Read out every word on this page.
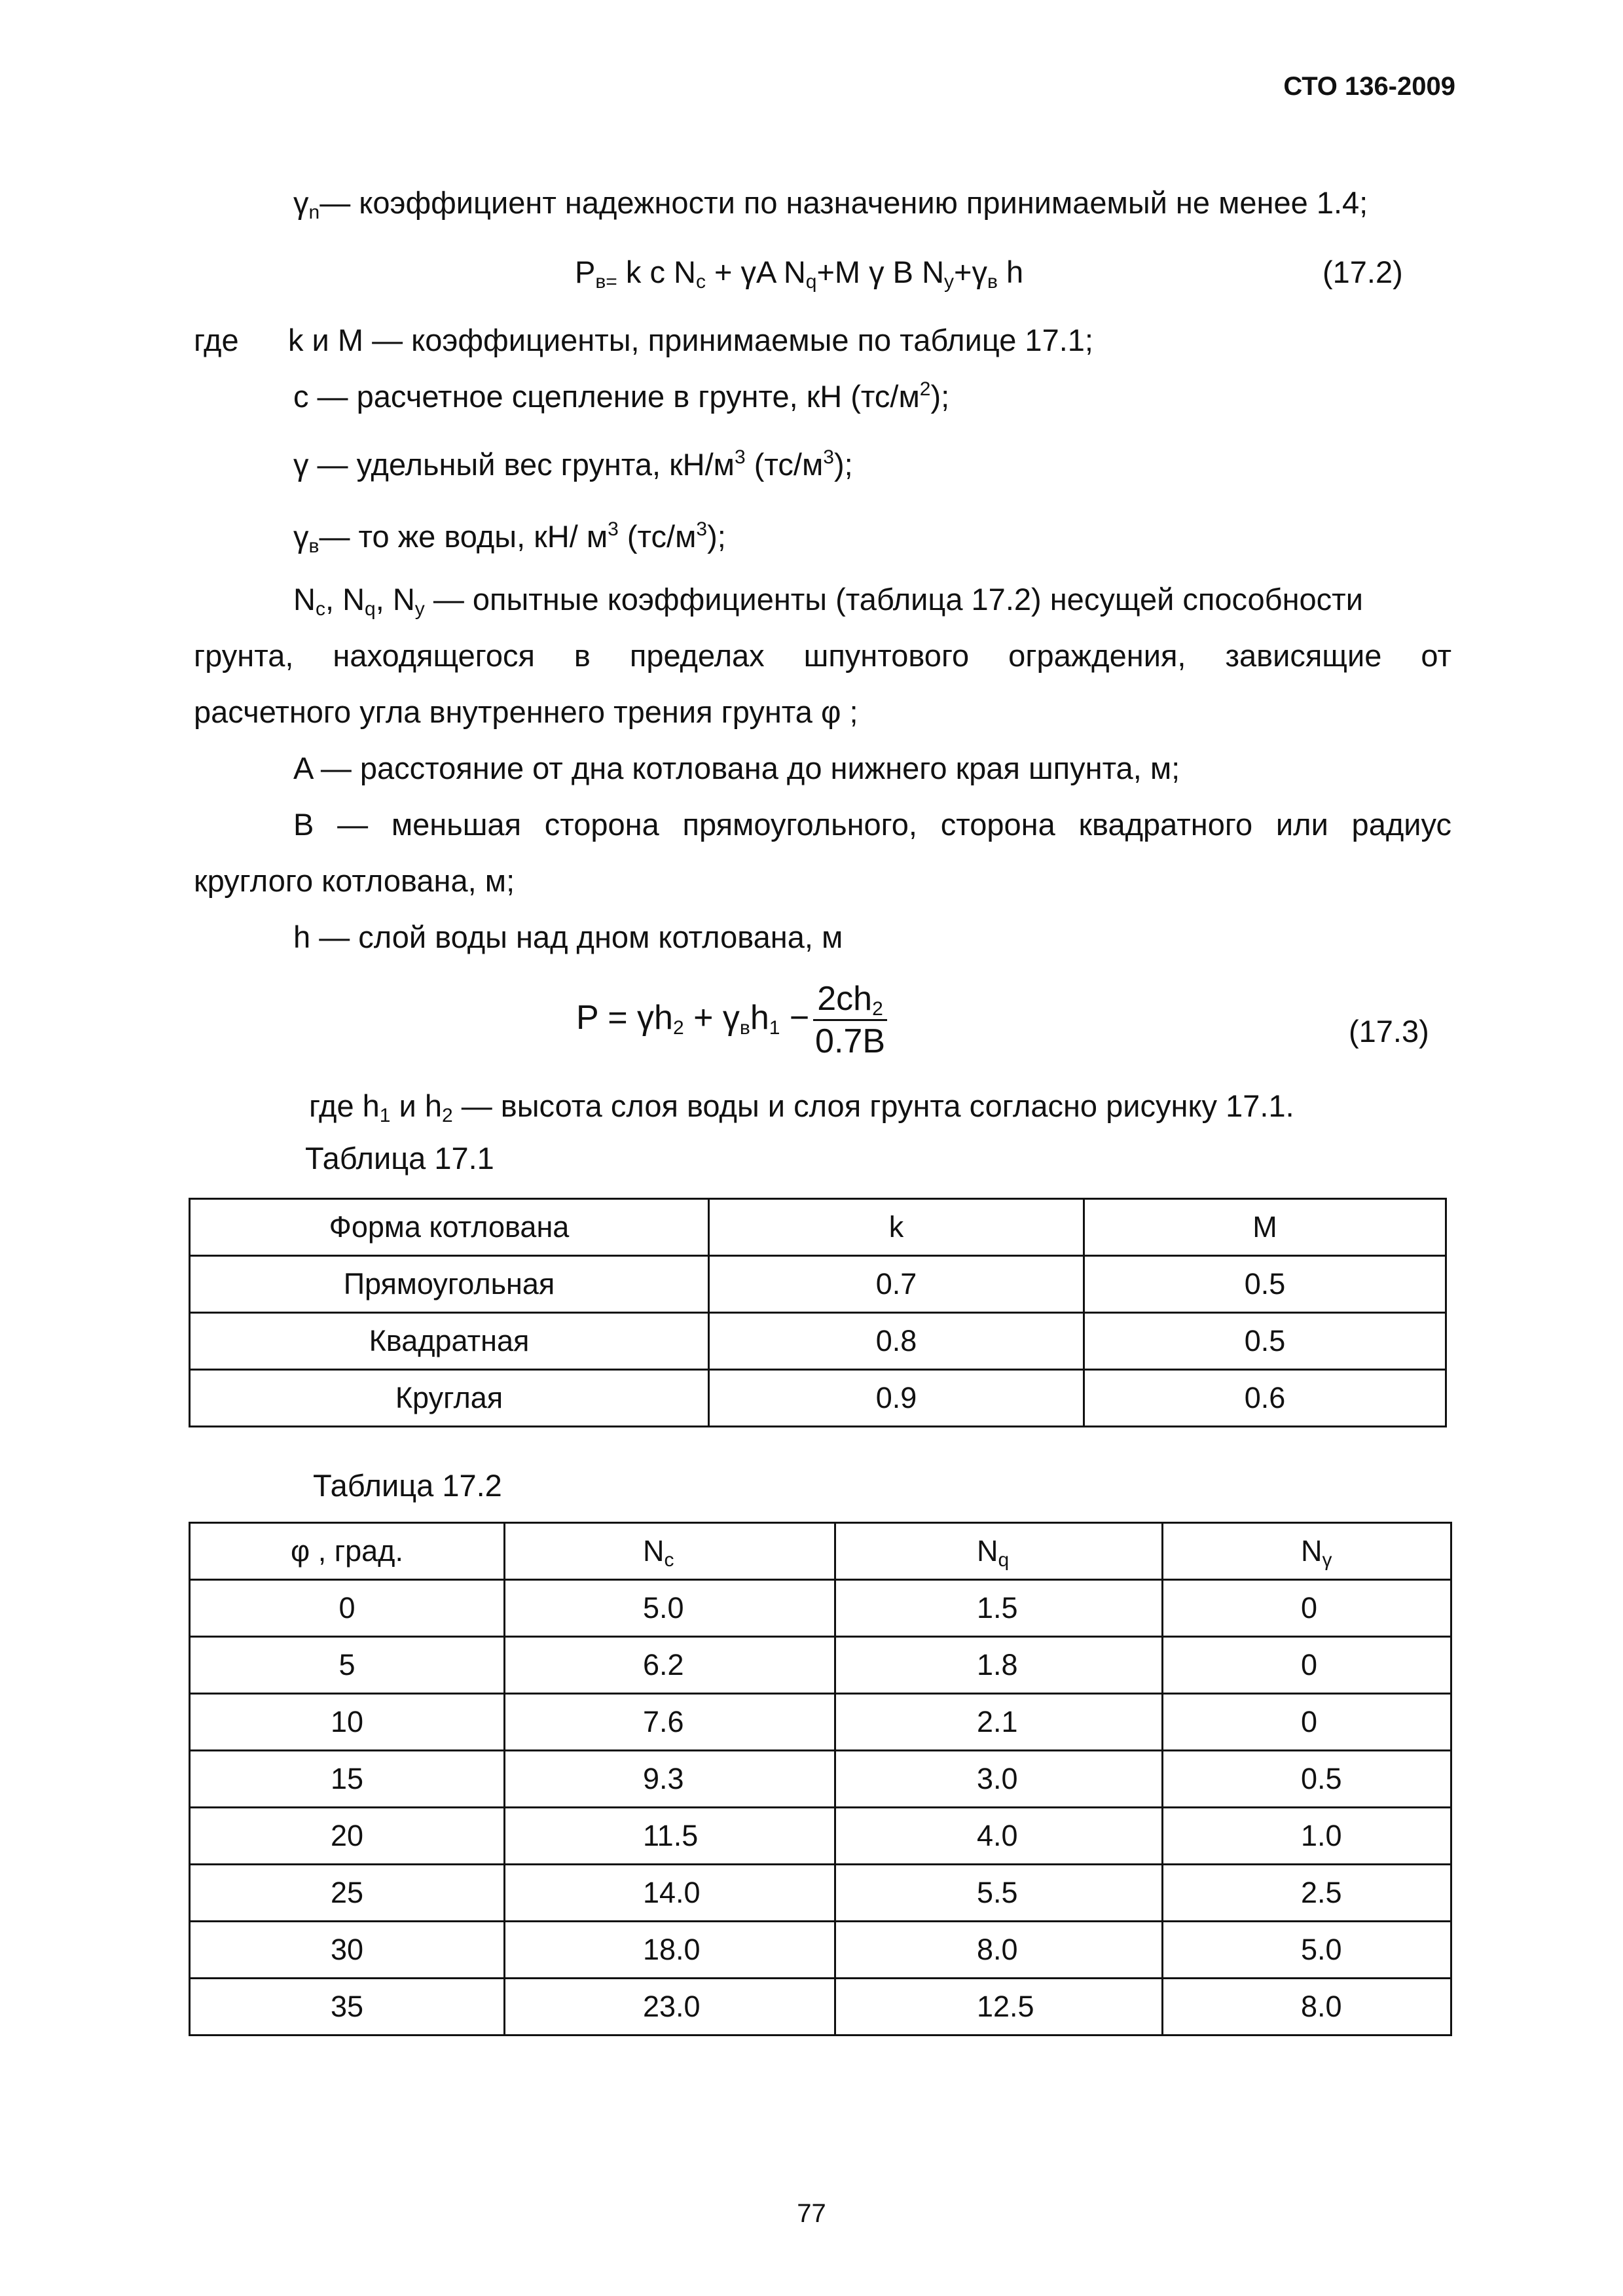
СТО 136-2009
$\gamma_n—$ коэффициент надежности по назначению принимаемый не менее 1.4;
$P_{в=}$ k c $N_c + \gamma A$ $N_q+M$ γ B $N_y+\gamma_в$ h	(17.2)
где k и M — коэффициенты, принимаемые по таблице 17.1;
c — расчетное сцепление в грунте, кН $(тс/м^2)$;
γ — удельный вес грунта, $кН/м^3$ $(тс/м^3)$;
$\gamma_в—$ то же воды, кН/ $м^3$ $(тс/м^3)$;
$N_c$, $N_q$, $N_y$ — опытные коэффициенты (таблица 17.2) несущей способности
грунта, находящегося в пределах шпунтового ограждения, зависящие от
расчетного угла внутреннего трения грунта φ ;
A — расстояние от дна котлована до нижнего края шпунта, м;
B — меньшая сторона прямоугольного, сторона квадратного или радиус
круглого котлована, м;
h — слой воды над дном котлована, м
$P = \gamma h_2 + \gamma_вh_1 - \frac{2ch_2}{0.7B}$	(17.3)
где $h_1$ и $h_2$ — высота слоя воды и слоя грунта согласно рисунку 17.1.
Таблица 17.1
Форма котлована	k	M
Прямоугольная	0.7	0.5
Квадратная	0.8	0.5
Круглая	0.9	0.6
Таблица 17.2
φ , град.	$N_c$	$N_q$	$N_\gamma$
0	5.0	1.5	0
5	6.2	1.8	0
10	7.6	2.1	0
15	9.3	3.0	0.5
20	11.5	4.0	1.0
25	14.0	5.5	2.5
30	18.0	8.0	5.0
35	23.0	12.5	8.0
77
